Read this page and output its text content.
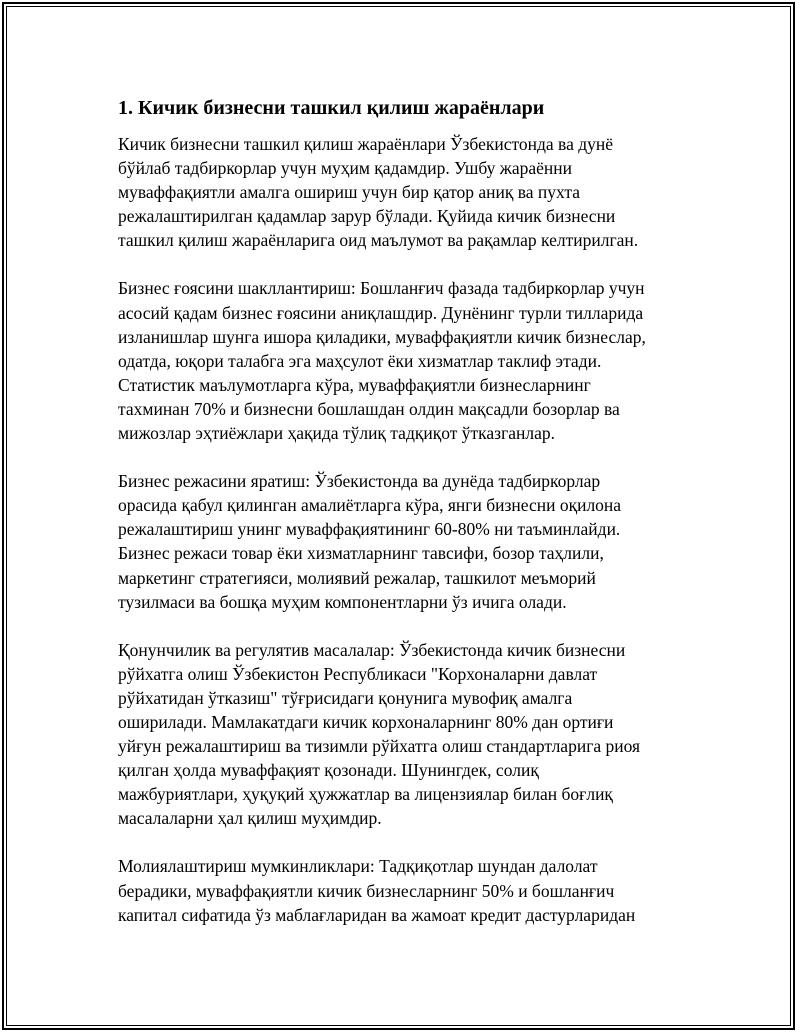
1. Кичик бизнесни ташкил қилиш жараёнлари

Кичик бизнесни ташкил қилиш жараёнлари Ўзбекистонда ва дунё
бўйлаб тадбиркорлар учун муҳим қадамдир. Ушбу жараённи
муваффақиятли амалга ошириш учун бир қатор аниқ ва пухта
режалаштирилган қадамлар зарур бўлади. Қуйида кичик бизнесни
ташкил қилиш жараёнларига оид маълумот ва рақамлар келтирилган.

Бизнес ғоясини шакллантириш: Бошланғич фазада тадбиркорлар учун
асосий қадам бизнес ғоясини аниқлашдир. Дунёнинг турли тилларида
изланишлар шунга ишора қиладики, муваффақиятли кичик бизнеслар,
одатда, юқори талабга эга маҳсулот ёки хизматлар таклиф этади.
Статистик маълумотларга кўра, муваффақиятли бизнесларнинг
тахминан 70% и бизнесни бошлашдан олдин мақсадли бозорлар ва
мижозлар эҳтиёжлари ҳақида тўлиқ тадқиқот ўтказганлар.

Бизнес режасини яратиш: Ўзбекистонда ва дунёда тадбиркорлар
орасида қабул қилинган амалиётларга кўра, янги бизнесни оқилона
режалаштириш унинг муваффақиятининг 60-80% ни таъминлайди.
Бизнес режаси товар ёки хизматларнинг тавсифи, бозор таҳлили,
маркетинг стратегияси, молиявий режалар, ташкилот меъморий
тузилмаси ва бошқа муҳим компонентларни ўз ичига олади.

Қонунчилик ва регулятив масалалар: Ўзбекистонда кичик бизнесни
рўйхатга олиш Ўзбекистон Республикаси "Корхоналарни давлат
рўйхатидан ўтказиш" тўғрисидаги қонунига мувофиқ амалга
оширилади. Мамлакатдаги кичик корхоналарнинг 80% дан ортиғи
уйғун режалаштириш ва тизимли рўйхатга олиш стандартларига риоя
қилган ҳолда муваффақият қозонади. Шунингдек, солиқ
мажбуриятлари, ҳуқуқий ҳужжатлар ва лицензиялар билан боғлиқ
масалаларни ҳал қилиш муҳимдир.

Молиялаштириш мумкинликлари: Тадқиқотлар шундан далолат
берадики, муваффақиятли кичик бизнесларнинг 50% и бошланғич
капитал сифатида ўз маблағларидан ва жамоат кредит дастурларидан
